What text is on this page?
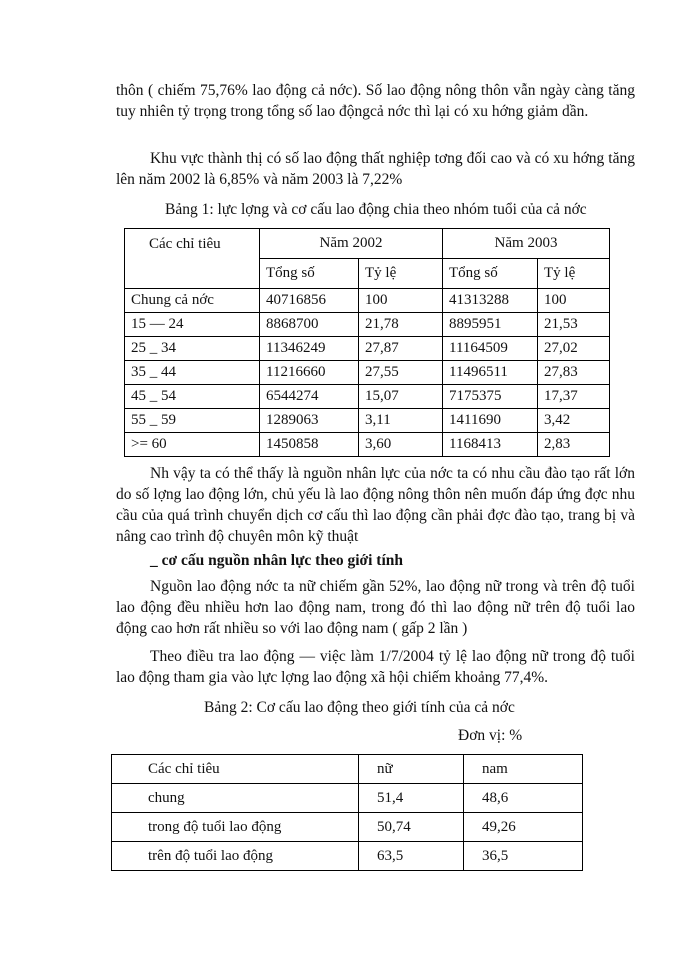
thôn ( chiếm 75,76% lao động cả nớc). Số lao động nông thôn vẫn ngày càng tăng tuy nhiên tỷ trọng trong tổng số lao độngcả nớc thì lại có xu hớng giảm dần.

Khu vực thành thị có số lao động thất nghiệp tơng đối cao và có xu hớng tăng lên năm 2002 là 6,85% và năm 2003 là 7,22%

Bảng 1: lực lợng và cơ cấu lao động chia theo nhóm tuổi của cả nớc

Các chỉ tiêu	Năm 2002		Năm 2003	
	Tổng số	Tỷ lệ	Tổng số	Tỷ lệ
Chung cả nớc	40716856	100	41313288	100
15 — 24	8868700	21,78	8895951	21,53
25 _ 34	11346249	27,87	11164509	27,02
35 _ 44	11216660	27,55	11496511	27,83
45 _ 54	6544274	15,07	7175375	17,37
55 _ 59	1289063	3,11	1411690	3,42
>= 60	1450858	3,60	1168413	2,83

Nh vậy ta có thể thấy là nguồn nhân lực của nớc ta có nhu cầu đào tạo rất lớn do số lợng lao động lớn, chủ yếu là lao động nông thôn nên muốn đáp ứng đợc nhu cầu của quá trình chuyển dịch cơ cấu thì lao động cần phải đợc đào tạo, trang bị và nâng cao trình độ chuyên môn kỹ thuật

_ cơ cấu nguồn nhân lực theo giới tính

Nguồn lao động nớc ta nữ chiếm gần 52%, lao động nữ trong và trên độ tuổi lao động đều nhiều hơn lao động nam, trong đó thì lao động nữ trên độ tuổi lao động cao hơn rất nhiều so với lao động nam ( gấp 2 lần )

Theo điều tra lao động — việc làm 1/7/2004 tỷ lệ lao động nữ trong độ tuổi lao động tham gia vào lực lợng lao động xã hội chiếm khoảng 77,4%.

Bảng 2: Cơ cấu lao động theo giới tính của cả nớc

Đơn vị: %

Các chỉ tiêu	nữ	nam
chung	51,4	48,6
trong độ tuổi lao động	50,74	49,26
trên độ tuổi lao động	63,5	36,5
